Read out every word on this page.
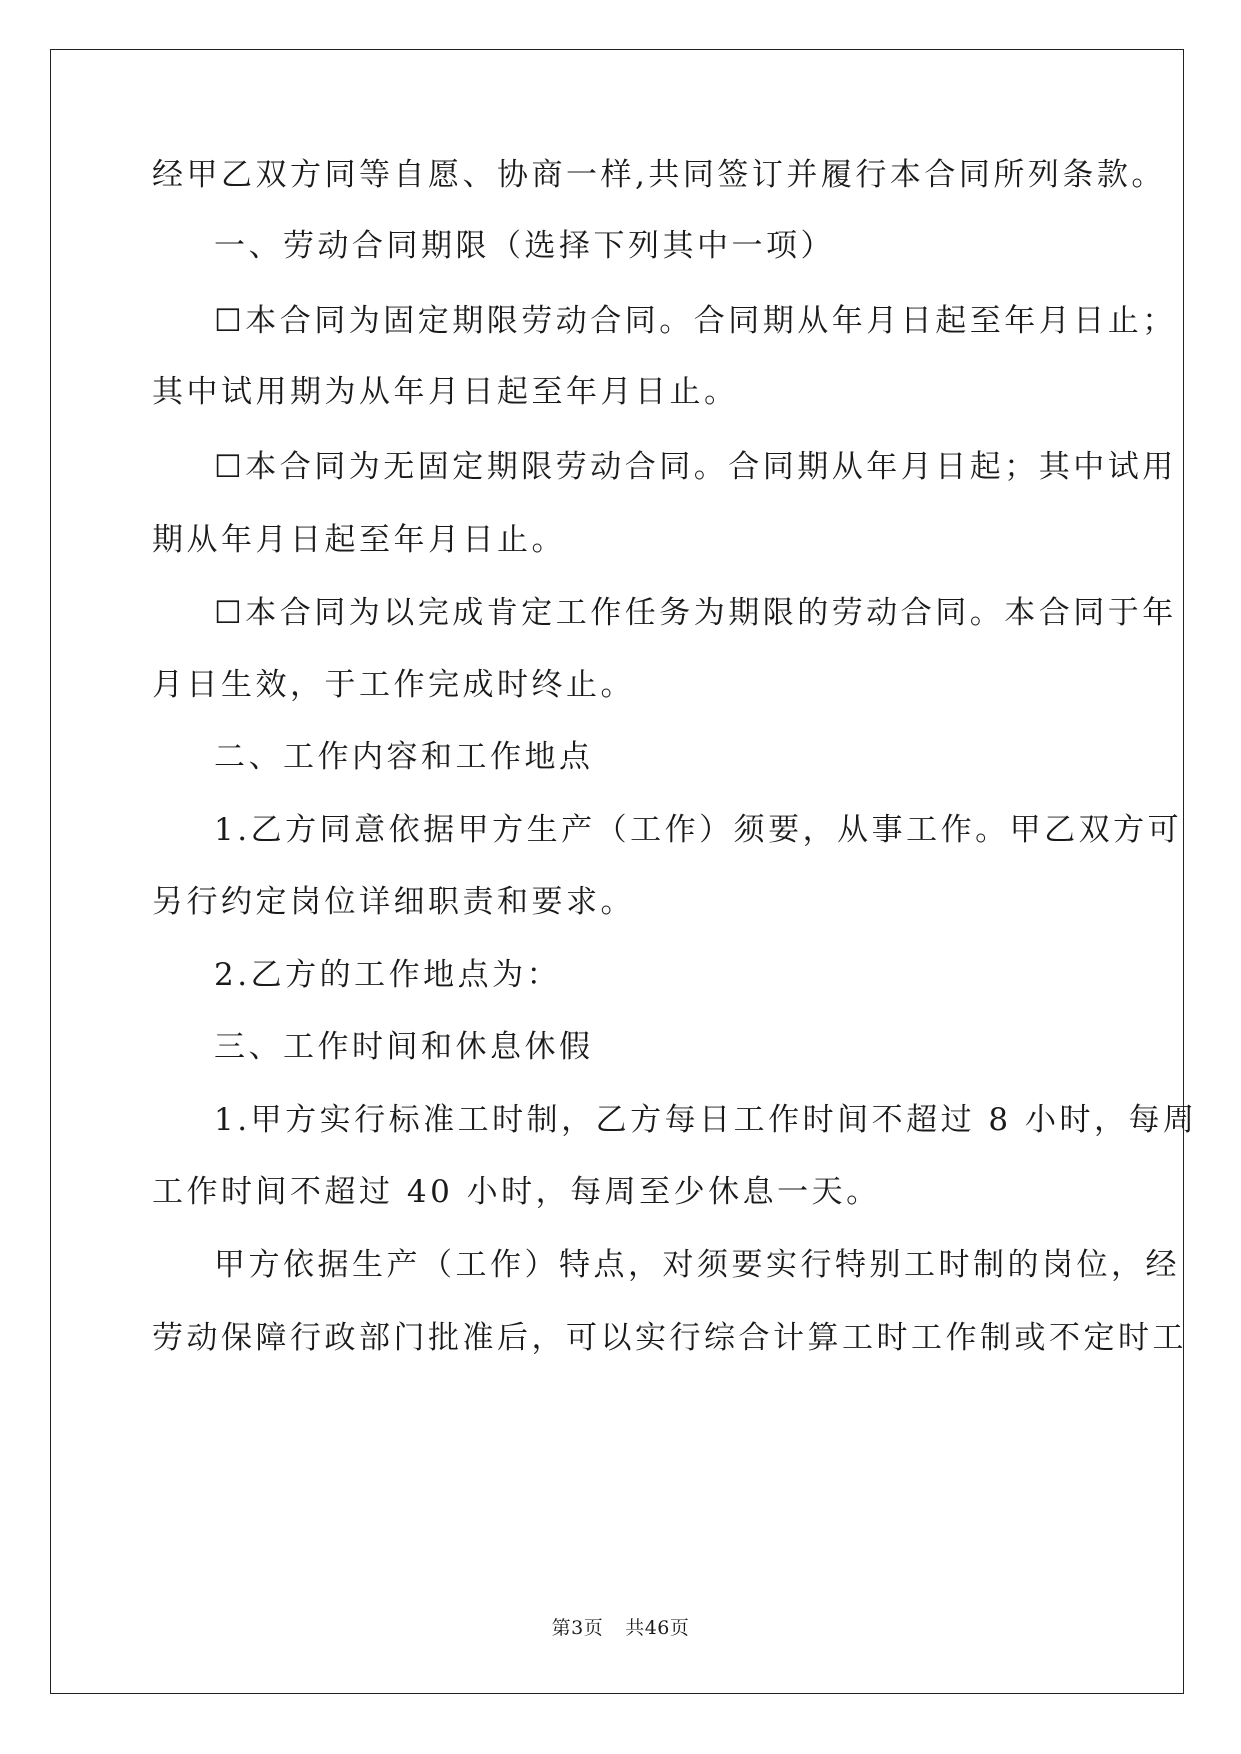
经甲乙双方同等自愿、协商一样,共同签订并履行本合同所列条款。
一、劳动合同期限（选择下列其中一项）
☐本合同为固定期限劳动合同。合同期从年月日起至年月日止；
其中试用期为从年月日起至年月日止。
☐本合同为无固定期限劳动合同。合同期从年月日起；其中试用
期从年月日起至年月日止。
☐本合同为以完成肯定工作任务为期限的劳动合同。本合同于年
月日生效，于工作完成时终止。
二、工作内容和工作地点
1.乙方同意依据甲方生产（工作）须要，从事工作。甲乙双方可
另行约定岗位详细职责和要求。
2.乙方的工作地点为：
三、工作时间和休息休假
1.甲方实行标准工时制，乙方每日工作时间不超过 8 小时，每周
工作时间不超过 40 小时，每周至少休息一天。
甲方依据生产（工作）特点，对须要实行特别工时制的岗位，经
劳动保障行政部门批准后，可以实行综合计算工时工作制或不定时工
第3页 共46页
